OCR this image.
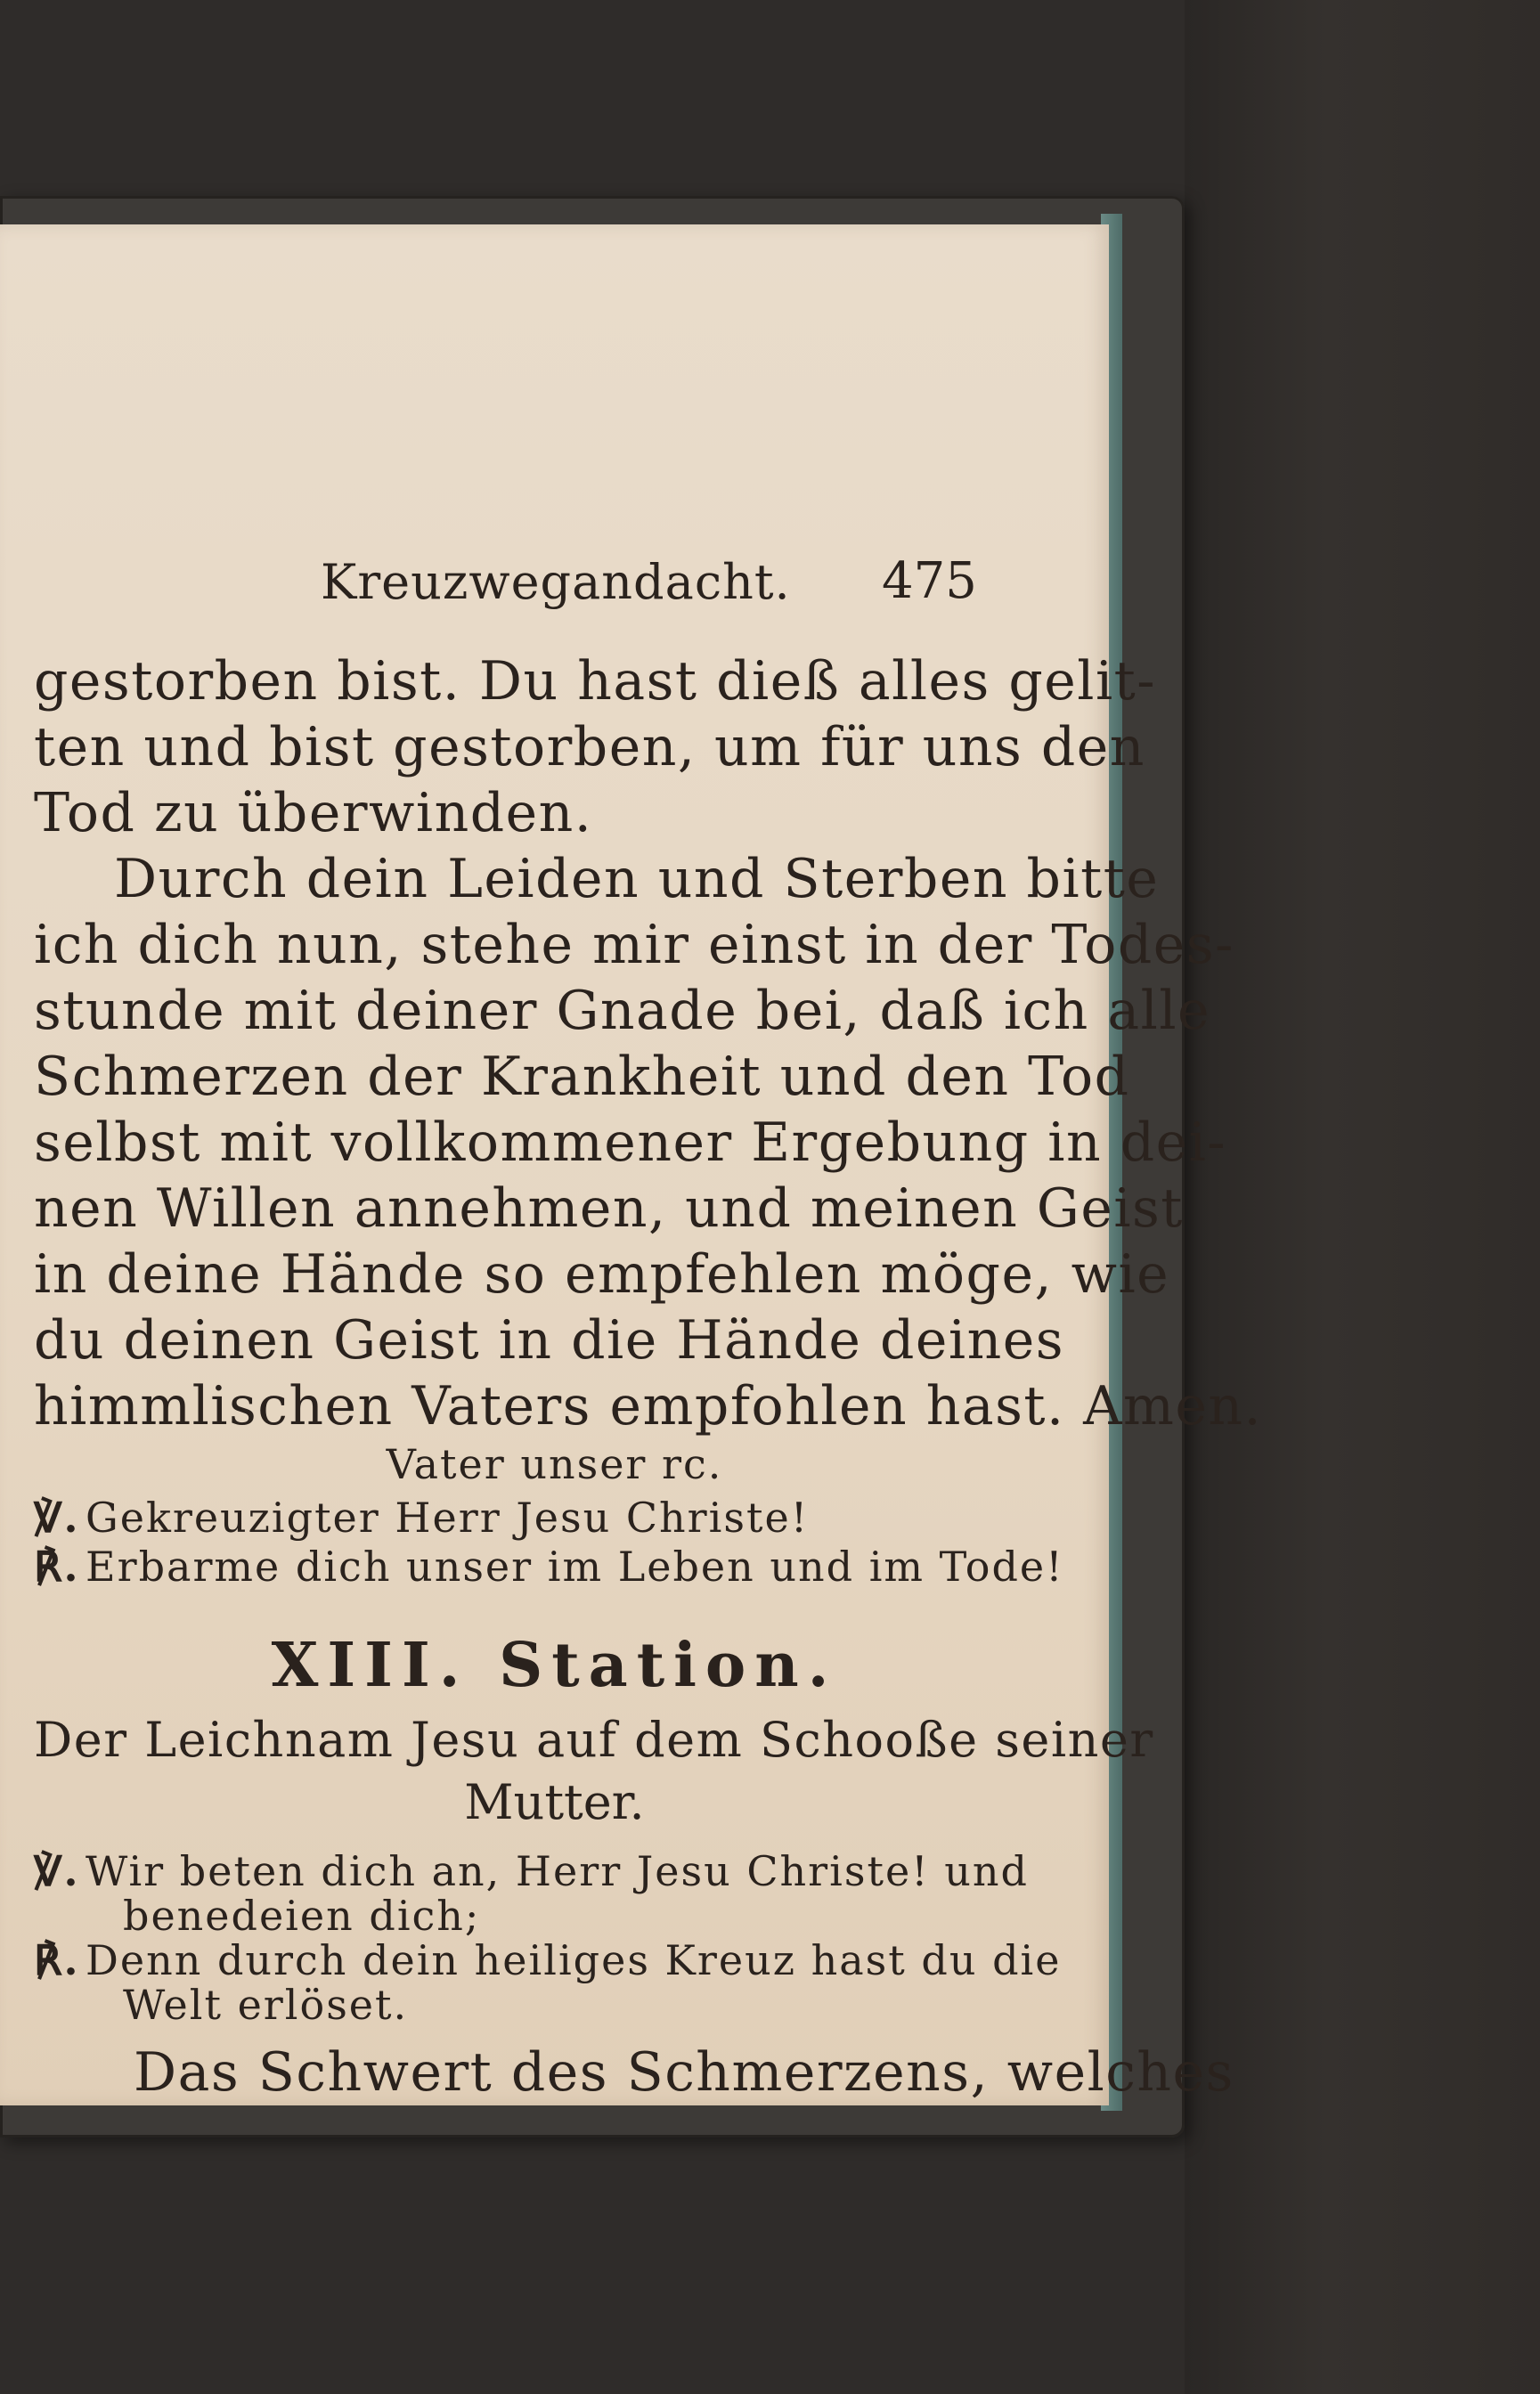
Kreuzwegandacht. 475
gestorben bist. Du hast dieß alles gelit-
ten und bist gestorben, um für uns den
Tod zu überwinden.
Durch dein Leiden und Sterben bitte
ich dich nun, stehe mir einst in der Todes-
stunde mit deiner Gnade bei, daß ich alle
Schmerzen der Krankheit und den Tod
selbst mit vollkommener Ergebung in dei-
nen Willen annehmen, und meinen Geist
in deine Hände so empfehlen möge, wie
du deinen Geist in die Hände deines
himmlischen Vaters empfohlen hast. Amen.
Vater unser rc.
℣. Gekreuzigter Herr Jesu Christe!
℟. Erbarme dich unser im Leben und im Tode!
XIII. Station.
Der Leichnam Jesu auf dem Schooße seiner
Mutter.
℣. Wir beten dich an, Herr Jesu Christe! und
benedeien dich;
℟. Denn durch dein heiliges Kreuz hast du die
Welt erlöset.
Das Schwert des Schmerzens, welches
